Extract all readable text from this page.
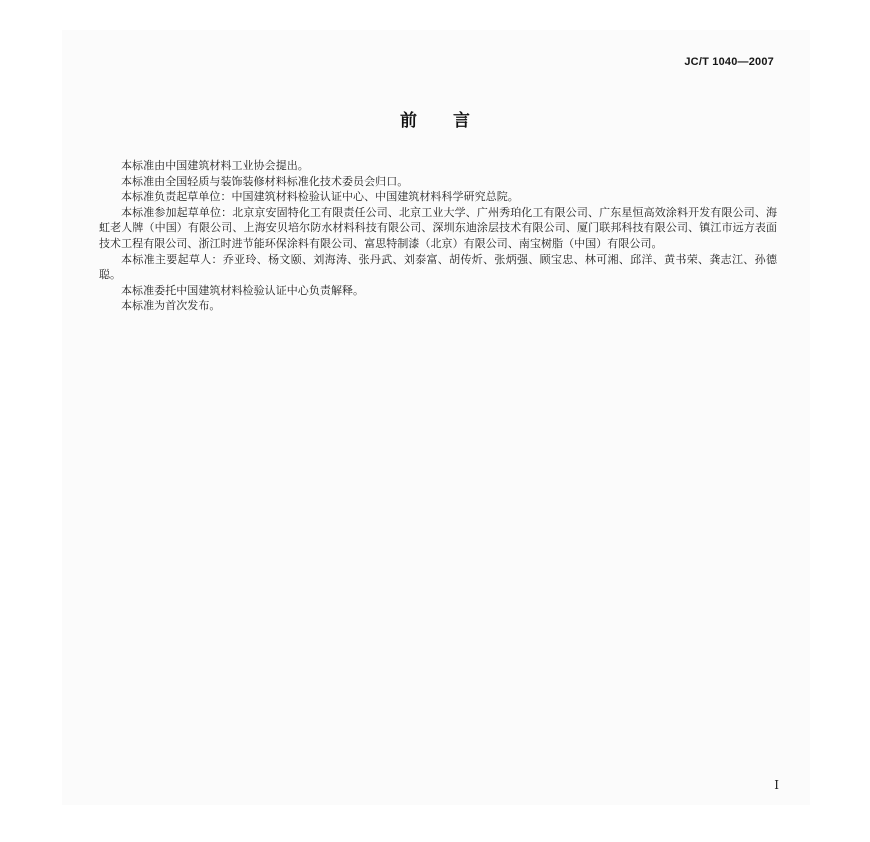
JC/T 1040—2007
前 言

本标准由中国建筑材料工业协会提出。

本标准由全国轻质与装饰装修材料标准化技术委员会归口。

本标准负责起草单位：中国建筑材料检验认证中心、中国建筑材料科学研究总院。

本标准参加起草单位：北京京安固特化工有限责任公司、北京工业大学、广州秀珀化工有限公司、广东星恒高效涂料开发有限公司、海虹老人牌（中国）有限公司、上海安贝培尔防水材料科技有限公司、深圳东迪涂层技术有限公司、厦门联邦科技有限公司、镇江市远方表面技术工程有限公司、浙江时进节能环保涂料有限公司、富思特制漆（北京）有限公司、南宝树脂（中国）有限公司。

本标准主要起草人：乔亚玲、杨文颐、刘海涛、张丹武、刘泰富、胡传炘、张炳强、顾宝忠、林可湘、邱洋、黄书荣、龚志江、孙德聪。

本标准委托中国建筑材料检验认证中心负责解释。

本标准为首次发布。

I
